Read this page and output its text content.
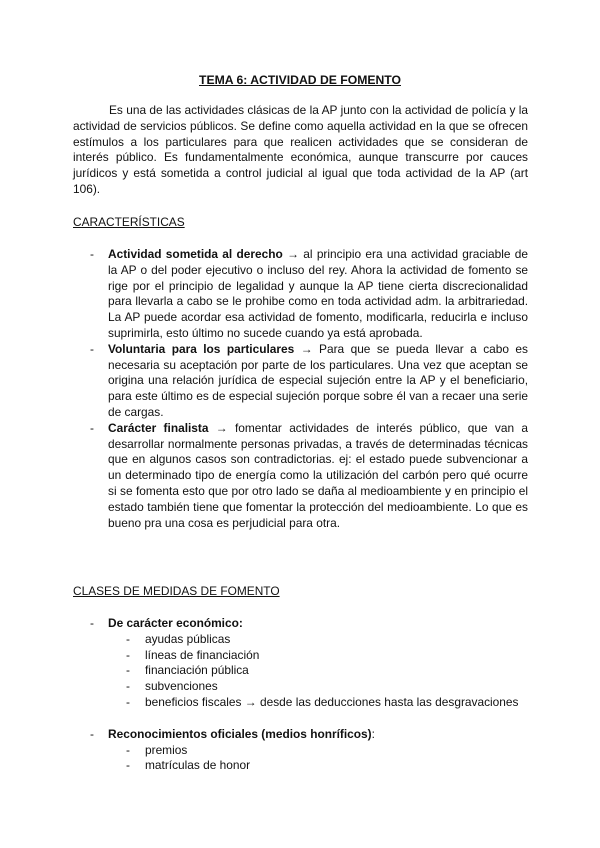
TEMA 6: ACTIVIDAD DE FOMENTO

Es una de las actividades clásicas de la AP junto con la actividad de policía y la actividad de servicios públicos. Se define como aquella actividad en la que se ofrecen estímulos a los particulares para que realicen actividades que se consideran de interés público. Es fundamentalmente económica, aunque transcurre por cauces jurídicos y está sometida a control judicial al igual que toda actividad de la AP (art 106).

CARACTERÍSTICAS

- Actividad sometida al derecho → al principio era una actividad graciable de la AP o del poder ejecutivo o incluso del rey. Ahora la actividad de fomento se rige por el principio de legalidad y aunque la AP tiene cierta discrecionalidad para llevarla a cabo se le prohibe como en toda actividad adm. la arbitrariedad. La AP puede acordar esa actividad de fomento, modificarla, reducirla e incluso suprimirla, esto último no sucede cuando ya está aprobada.
- Voluntaria para los particulares → Para que se pueda llevar a cabo es necesaria su aceptación por parte de los particulares. Una vez que aceptan se origina una relación jurídica de especial sujeción entre la AP y el beneficiario, para este último es de especial sujeción porque sobre él van a recaer una serie de cargas.
- Carácter finalista → fomentar actividades de interés público, que van a desarrollar normalmente personas privadas, a través de determinadas técnicas que en algunos casos son contradictorias. ej: el estado puede subvencionar a un determinado tipo de energía como la utilización del carbón pero qué ocurre si se fomenta esto que por otro lado se daña al medioambiente y en principio el estado también tiene que fomentar la protección del medioambiente. Lo que es bueno pra una cosa es perjudicial para otra.

CLASES DE MEDIDAS DE FOMENTO

- De carácter económico:
- ayudas públicas
- líneas de financiación
- financiación pública
- subvenciones
- beneficios fiscales → desde las deducciones hasta las desgravaciones
- Reconocimientos oficiales (medios honríficos):
- premios
- matrículas de honor
